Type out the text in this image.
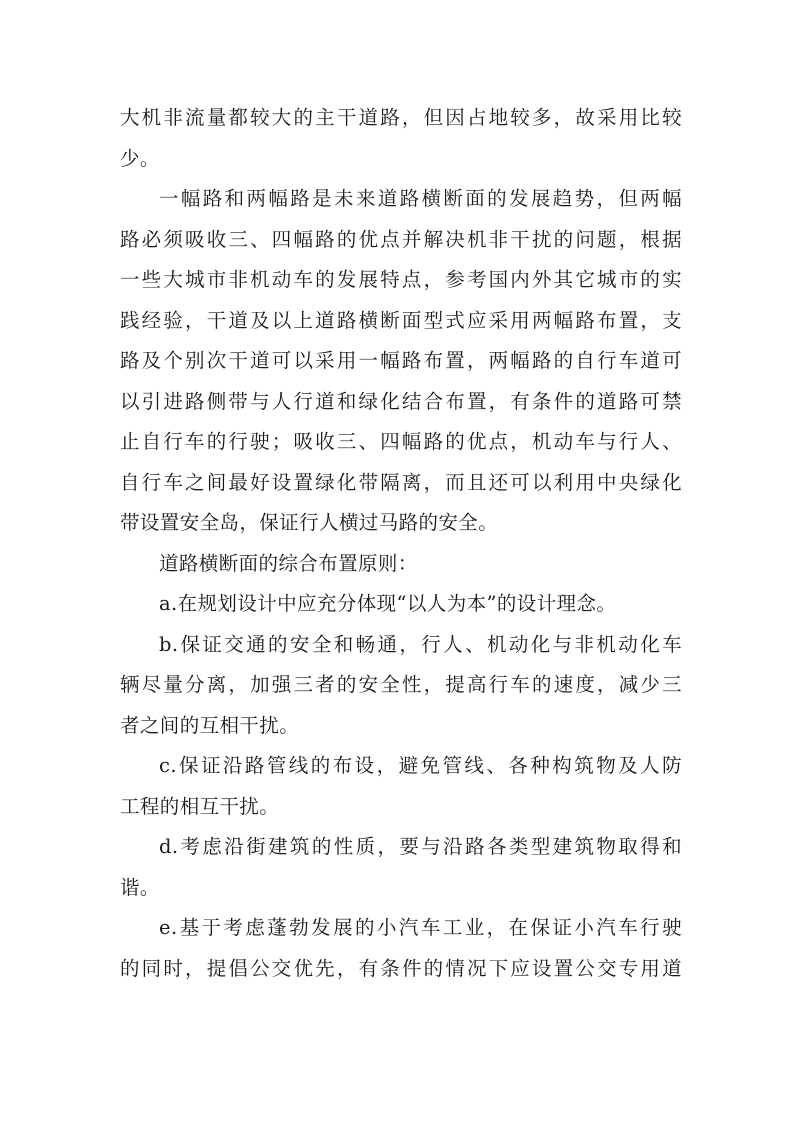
大机非流量都较大的主干道路，但因占地较多，故采用比较
少。

一幅路和两幅路是未来道路横断面的发展趋势，但两幅
路必须吸收三、四幅路的优点并解决机非干扰的问题，根据
一些大城市非机动车的发展特点，参考国内外其它城市的实
践经验，干道及以上道路横断面型式应采用两幅路布置，支
路及个别次干道可以采用一幅路布置，两幅路的自行车道可
以引进路侧带与人行道和绿化结合布置，有条件的道路可禁
止自行车的行驶；吸收三、四幅路的优点，机动车与行人、
自行车之间最好设置绿化带隔离，而且还可以利用中央绿化
带设置安全岛，保证行人横过马路的安全。

道路横断面的综合布置原则：

a.在规划设计中应充分体现“以人为本”的设计理念。

b.保证交通的安全和畅通，行人、机动化与非机动化车
辆尽量分离，加强三者的安全性，提高行车的速度，减少三
者之间的互相干扰。

c.保证沿路管线的布设，避免管线、各种构筑物及人防
工程的相互干扰。

d.考虑沿街建筑的性质，要与沿路各类型建筑物取得和
谐。

e.基于考虑蓬勃发展的小汽车工业，在保证小汽车行驶
的同时，提倡公交优先，有条件的情况下应设置公交专用道
